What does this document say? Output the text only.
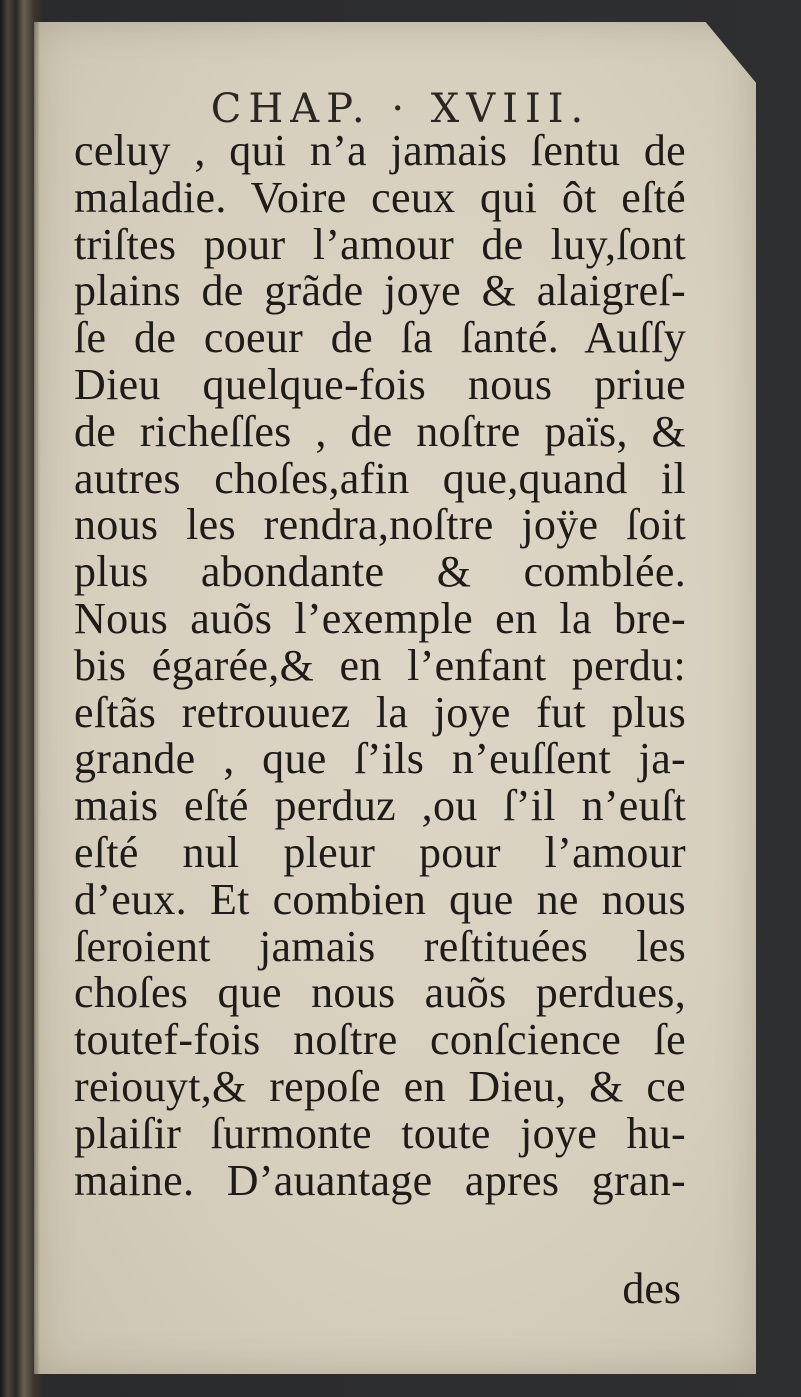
CHAP. · XVIII.
celuy , qui n’a jamais ſentu de
maladie. Voire ceux qui ôt eſté
triſtes pour l’amour de luy,ſont
plains de grãde joye & alaigreſ-
ſe de coeur de ſa ſanté. Auſſy
Dieu quelque-fois nous priue
de richeſſes , de noſtre païs, &
autres choſes,afin que,quand il
nous les rendra,noſtre joÿe ſoit
plus abondante & comblée.
Nous auõs l’exemple en la bre-
bis égarée,& en l’enfant perdu:
eſtãs retrouuez la joye fut plus
grande , que ſ’ils n’euſſent ja-
mais eſté perduz ,ou ſ’il n’euſt
eſté nul pleur pour l’amour
d’eux. Et combien que ne nous
ſeroient jamais reſtituées les
choſes que nous auõs perdues,
toutef-fois noſtre conſcience ſe
reiouyt,& repoſe en Dieu, & ce
plaiſir ſurmonte toute joye hu-
maine. D’auantage apres gran-
des
